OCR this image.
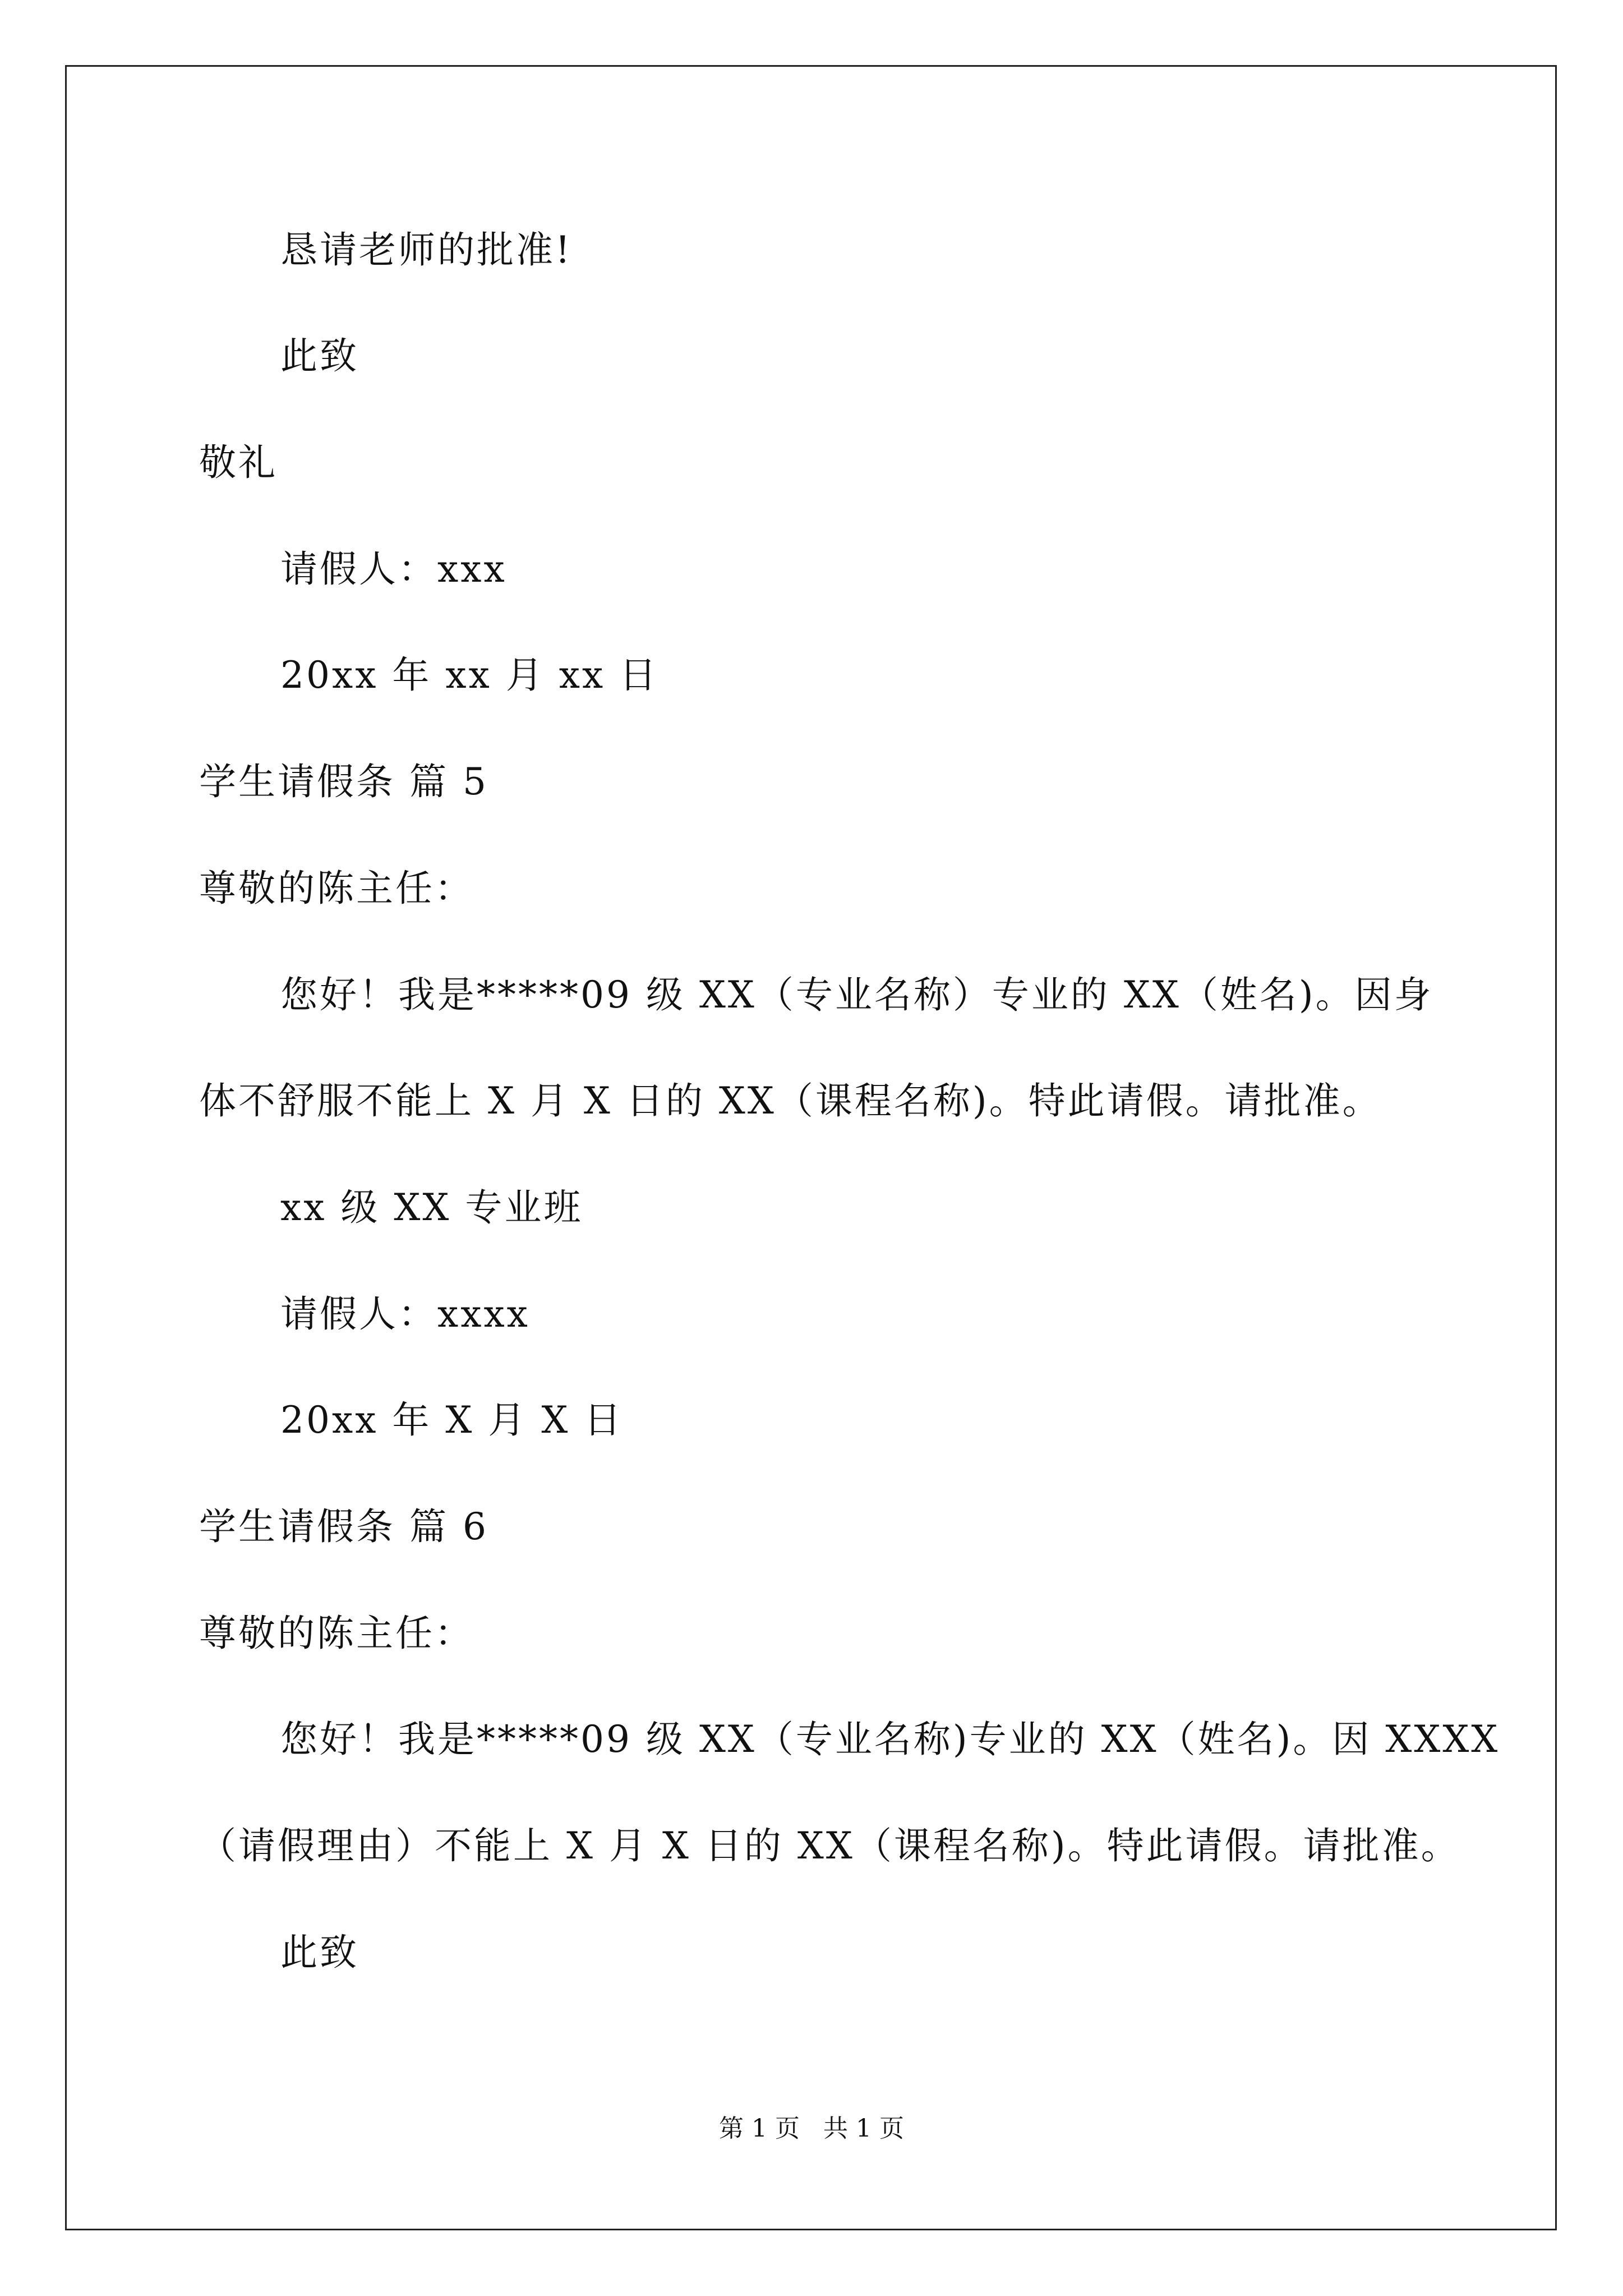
恳请老师的批准!
此致
敬礼
请假人：xxx
20xx 年 xx 月 xx 日
学生请假条 篇 5
尊敬的陈主任：
您好！我是*****09 级 XX（专业名称）专业的 XX（姓名)。因身
体不舒服不能上 X 月 X 日的 XX（课程名称)。特此请假。请批准。
xx 级 XX 专业班
请假人：xxxx
20xx 年 X 月 X 日
学生请假条 篇 6
尊敬的陈主任：
您好！我是*****09 级 XX（专业名称)专业的 XX（姓名)。因 XXXX
（请假理由）不能上 X 月 X 日的 XX（课程名称)。特此请假。请批准。
此致
第 1 页   共 1 页
